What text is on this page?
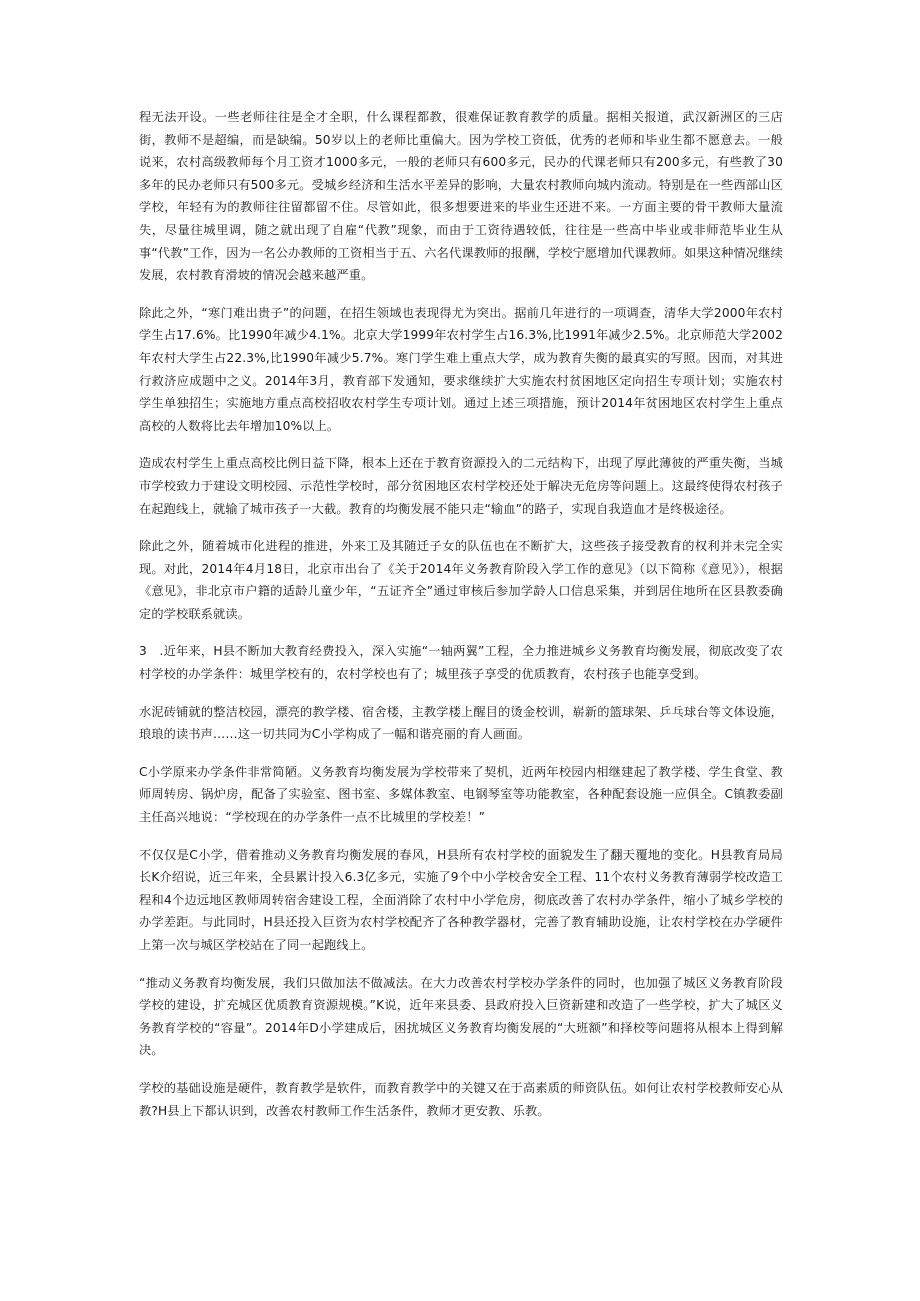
程无法开设。一些老师往往是全才全职，什么课程都教，很难保证教育教学的质量。据相关报道，武汉新洲区的三店街，教师不是超编，而是缺编。50岁以上的老师比重偏大。因为学校工资低，优秀的老师和毕业生都不愿意去。一般说来，农村高级教师每个月工资才1000多元，一般的老师只有600多元，民办的代课老师只有200多元，有些教了30多年的民办老师只有500多元。受城乡经济和生活水平差异的影响，大量农村教师向城内流动。特别是在一些西部山区学校，年轻有为的教师往往留都留不住。尽管如此，很多想要进来的毕业生还进不来。一方面主要的骨干教师大量流失，尽量往城里调，随之就出现了自雇“代教”现象，而由于工资待遇较低，往往是一些高中毕业或非师范毕业生从事“代教”工作，因为一名公办教师的工资相当于五、六名代课教师的报酬，学校宁愿增加代课教师。如果这种情况继续发展，农村教育滑坡的情况会越来越严重。

除此之外，“寒门难出贵子”的问题，在招生领域也表现得尤为突出。据前几年进行的一项调查，清华大学2000年农村学生占17.6%。比1990年减少4.1%。北京大学1999年农村学生占16.3%,比1991年减少2.5%。北京师范大学2002年农村大学生占22.3%,比1990年减少5.7%。寒门学生难上重点大学，成为教育失衡的最真实的写照。因而，对其进行救济应成题中之义。2014年3月，教育部下发通知，要求继续扩大实施农村贫困地区定向招生专项计划；实施农村学生单独招生；实施地方重点高校招收农村学生专项计划。通过上述三项措施，预计2014年贫困地区农村学生上重点高校的人数将比去年增加10%以上。

造成农村学生上重点高校比例日益下降，根本上还在于教育资源投入的二元结构下，出现了厚此薄彼的严重失衡，当城市学校致力于建设文明校园、示范性学校时，部分贫困地区农村学校还处于解决无危房等问题上。这最终使得农村孩子在起跑线上，就输了城市孩子一大截。教育的均衡发展不能只走“输血”的路子，实现自我造血才是终极途径。

除此之外，随着城市化进程的推进，外来工及其随迁子女的队伍也在不断扩大，这些孩子接受教育的权利并未完全实现。对此，2014年4月18日，北京市出台了《关于2014年义务教育阶段入学工作的意见》（以下简称《意见》），根据《意见》，非北京市户籍的适龄儿童少年，“五证齐全”通过审核后参加学龄人口信息采集，并到居住地所在区县教委确定的学校联系就读。

3　.近年来，H县不断加大教育经费投入，深入实施“一轴两翼”工程，全力推进城乡义务教育均衡发展，彻底改变了农村学校的办学条件：城里学校有的，农村学校也有了；城里孩子享受的优质教育，农村孩子也能享受到。

水泥砖铺就的整洁校园，漂亮的教学楼、宿舍楼，主教学楼上醒目的烫金校训，崭新的篮球架、乒乓球台等文体设施，琅琅的读书声……这一切共同为C小学构成了一幅和谐亮丽的育人画面。

C小学原来办学条件非常简陋。义务教育均衡发展为学校带来了契机，近两年校园内相继建起了教学楼、学生食堂、教师周转房、锅炉房，配备了实验室、图书室、多媒体教室、电钢琴室等功能教室，各种配套设施一应俱全。C镇教委副主任高兴地说：“学校现在的办学条件一点不比城里的学校差！”

不仅仅是C小学，借着推动义务教育均衡发展的春风，H县所有农村学校的面貌发生了翻天覆地的变化。H县教育局局长K介绍说，近三年来，全县累计投入6.3亿多元，实施了9个中小学校舍安全工程、11个农村义务教育薄弱学校改造工程和4个边远地区教师周转宿舍建设工程，全面消除了农村中小学危房，彻底改善了农村办学条件，缩小了城乡学校的办学差距。与此同时，H县还投入巨资为农村学校配齐了各种教学器材，完善了教育辅助设施，让农村学校在办学硬件上第一次与城区学校站在了同一起跑线上。

“推动义务教育均衡发展，我们只做加法不做减法。在大力改善农村学校办学条件的同时，也加强了城区义务教育阶段学校的建设，扩充城区优质教育资源规模。”K说，近年来县委、县政府投入巨资新建和改造了一些学校，扩大了城区义务教育学校的“容量”。2014年D小学建成后，困扰城区义务教育均衡发展的“大班额”和择校等问题将从根本上得到解决。

学校的基础设施是硬件，教育教学是软件，而教育教学中的关键又在于高素质的师资队伍。如何让农村学校教师安心从教?H县上下都认识到，改善农村教师工作生活条件，教师才更安教、乐教。
